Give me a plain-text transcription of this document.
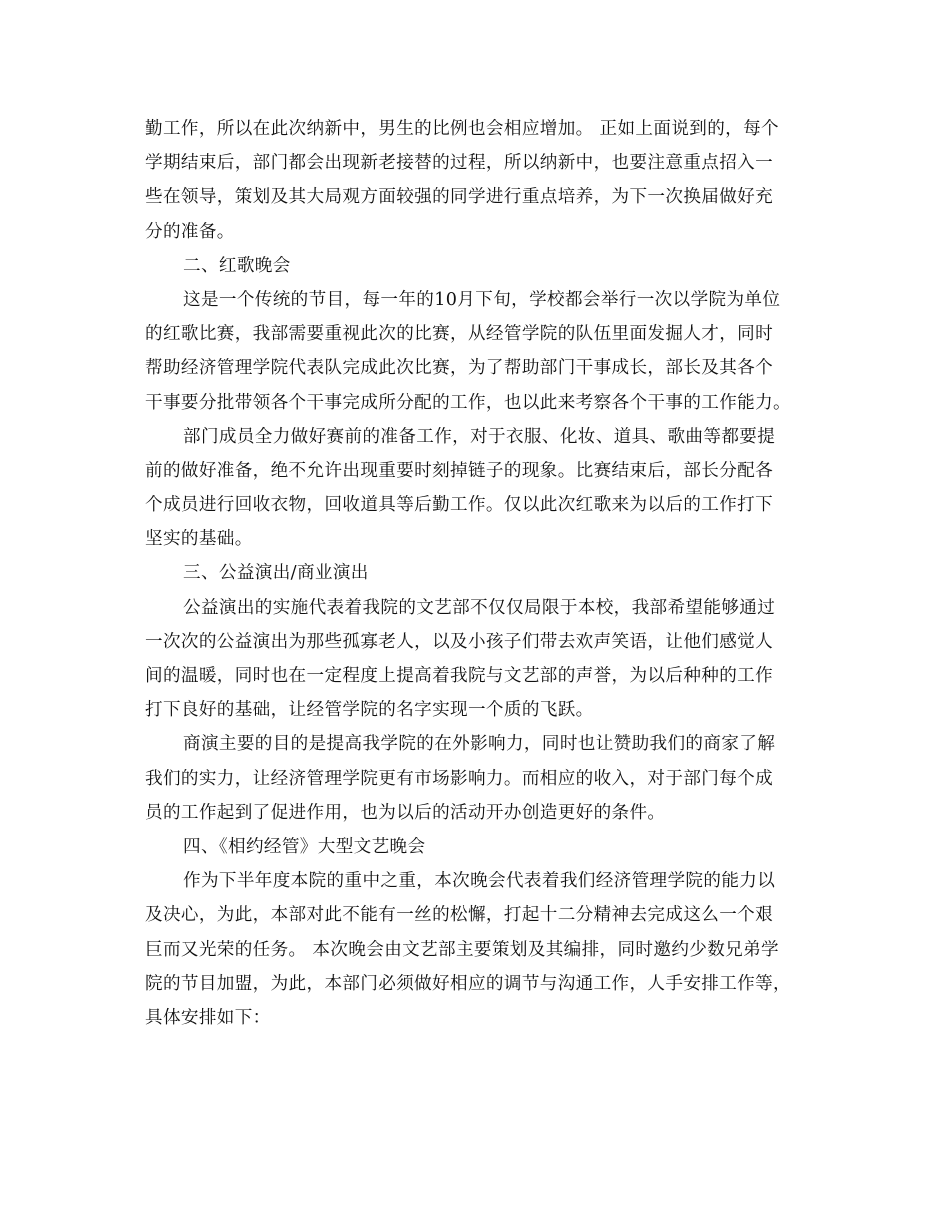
勤工作，所以在此次纳新中，男生的比例也会相应增加。 正如上面说到的，每个
学期结束后，部门都会出现新老接替的过程，所以纳新中，也要注意重点招入一
些在领导，策划及其大局观方面较强的同学进行重点培养，为下一次换届做好充
分的准备。
二、红歌晚会
这是一个传统的节目，每一年的10月下旬，学校都会举行一次以学院为单位
的红歌比赛，我部需要重视此次的比赛，从经管学院的队伍里面发掘人才，同时
帮助经济管理学院代表队完成此次比赛，为了帮助部门干事成长，部长及其各个
干事要分批带领各个干事完成所分配的工作，也以此来考察各个干事的工作能力。
部门成员全力做好赛前的准备工作，对于衣服、化妆、道具、歌曲等都要提
前的做好准备，绝不允许出现重要时刻掉链子的现象。比赛结束后，部长分配各
个成员进行回收衣物，回收道具等后勤工作。仅以此次红歌来为以后的工作打下
坚实的基础。
三、公益演出/商业演出
公益演出的实施代表着我院的文艺部不仅仅局限于本校，我部希望能够通过
一次次的公益演出为那些孤寡老人，以及小孩子们带去欢声笑语，让他们感觉人
间的温暖，同时也在一定程度上提高着我院与文艺部的声誉，为以后种种的工作
打下良好的基础，让经管学院的名字实现一个质的飞跃。
商演主要的目的是提高我学院的在外影响力，同时也让赞助我们的商家了解
我们的实力，让经济管理学院更有市场影响力。而相应的收入，对于部门每个成
员的工作起到了促进作用，也为以后的活动开办创造更好的条件。
四、《相约经管》大型文艺晚会
作为下半年度本院的重中之重，本次晚会代表着我们经济管理学院的能力以
及决心，为此，本部对此不能有一丝的松懈，打起十二分精神去完成这么一个艰
巨而又光荣的任务。 本次晚会由文艺部主要策划及其编排，同时邀约少数兄弟学
院的节目加盟，为此，本部门必须做好相应的调节与沟通工作，人手安排工作等，
具体安排如下：
